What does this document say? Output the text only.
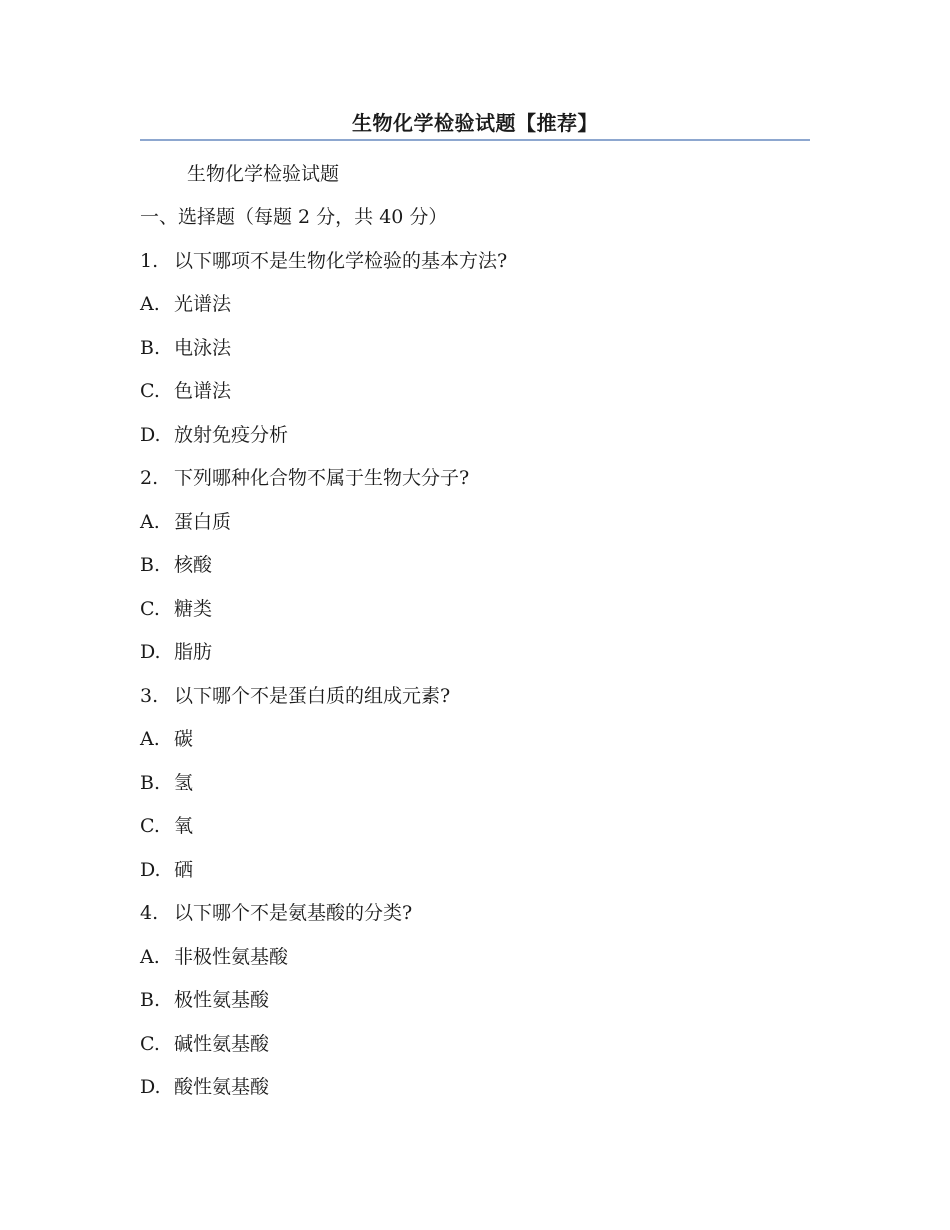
生物化学检验试题【推荐】
生物化学检验试题
一、选择题（每题 2 分，共 40 分）
1. 以下哪项不是生物化学检验的基本方法?
A. 光谱法
B. 电泳法
C. 色谱法
D. 放射免疫分析
2. 下列哪种化合物不属于生物大分子?
A. 蛋白质
B. 核酸
C. 糖类
D. 脂肪
3. 以下哪个不是蛋白质的组成元素?
A. 碳
B. 氢
C. 氧
D. 硒
4. 以下哪个不是氨基酸的分类?
A. 非极性氨基酸
B. 极性氨基酸
C. 碱性氨基酸
D. 酸性氨基酸
